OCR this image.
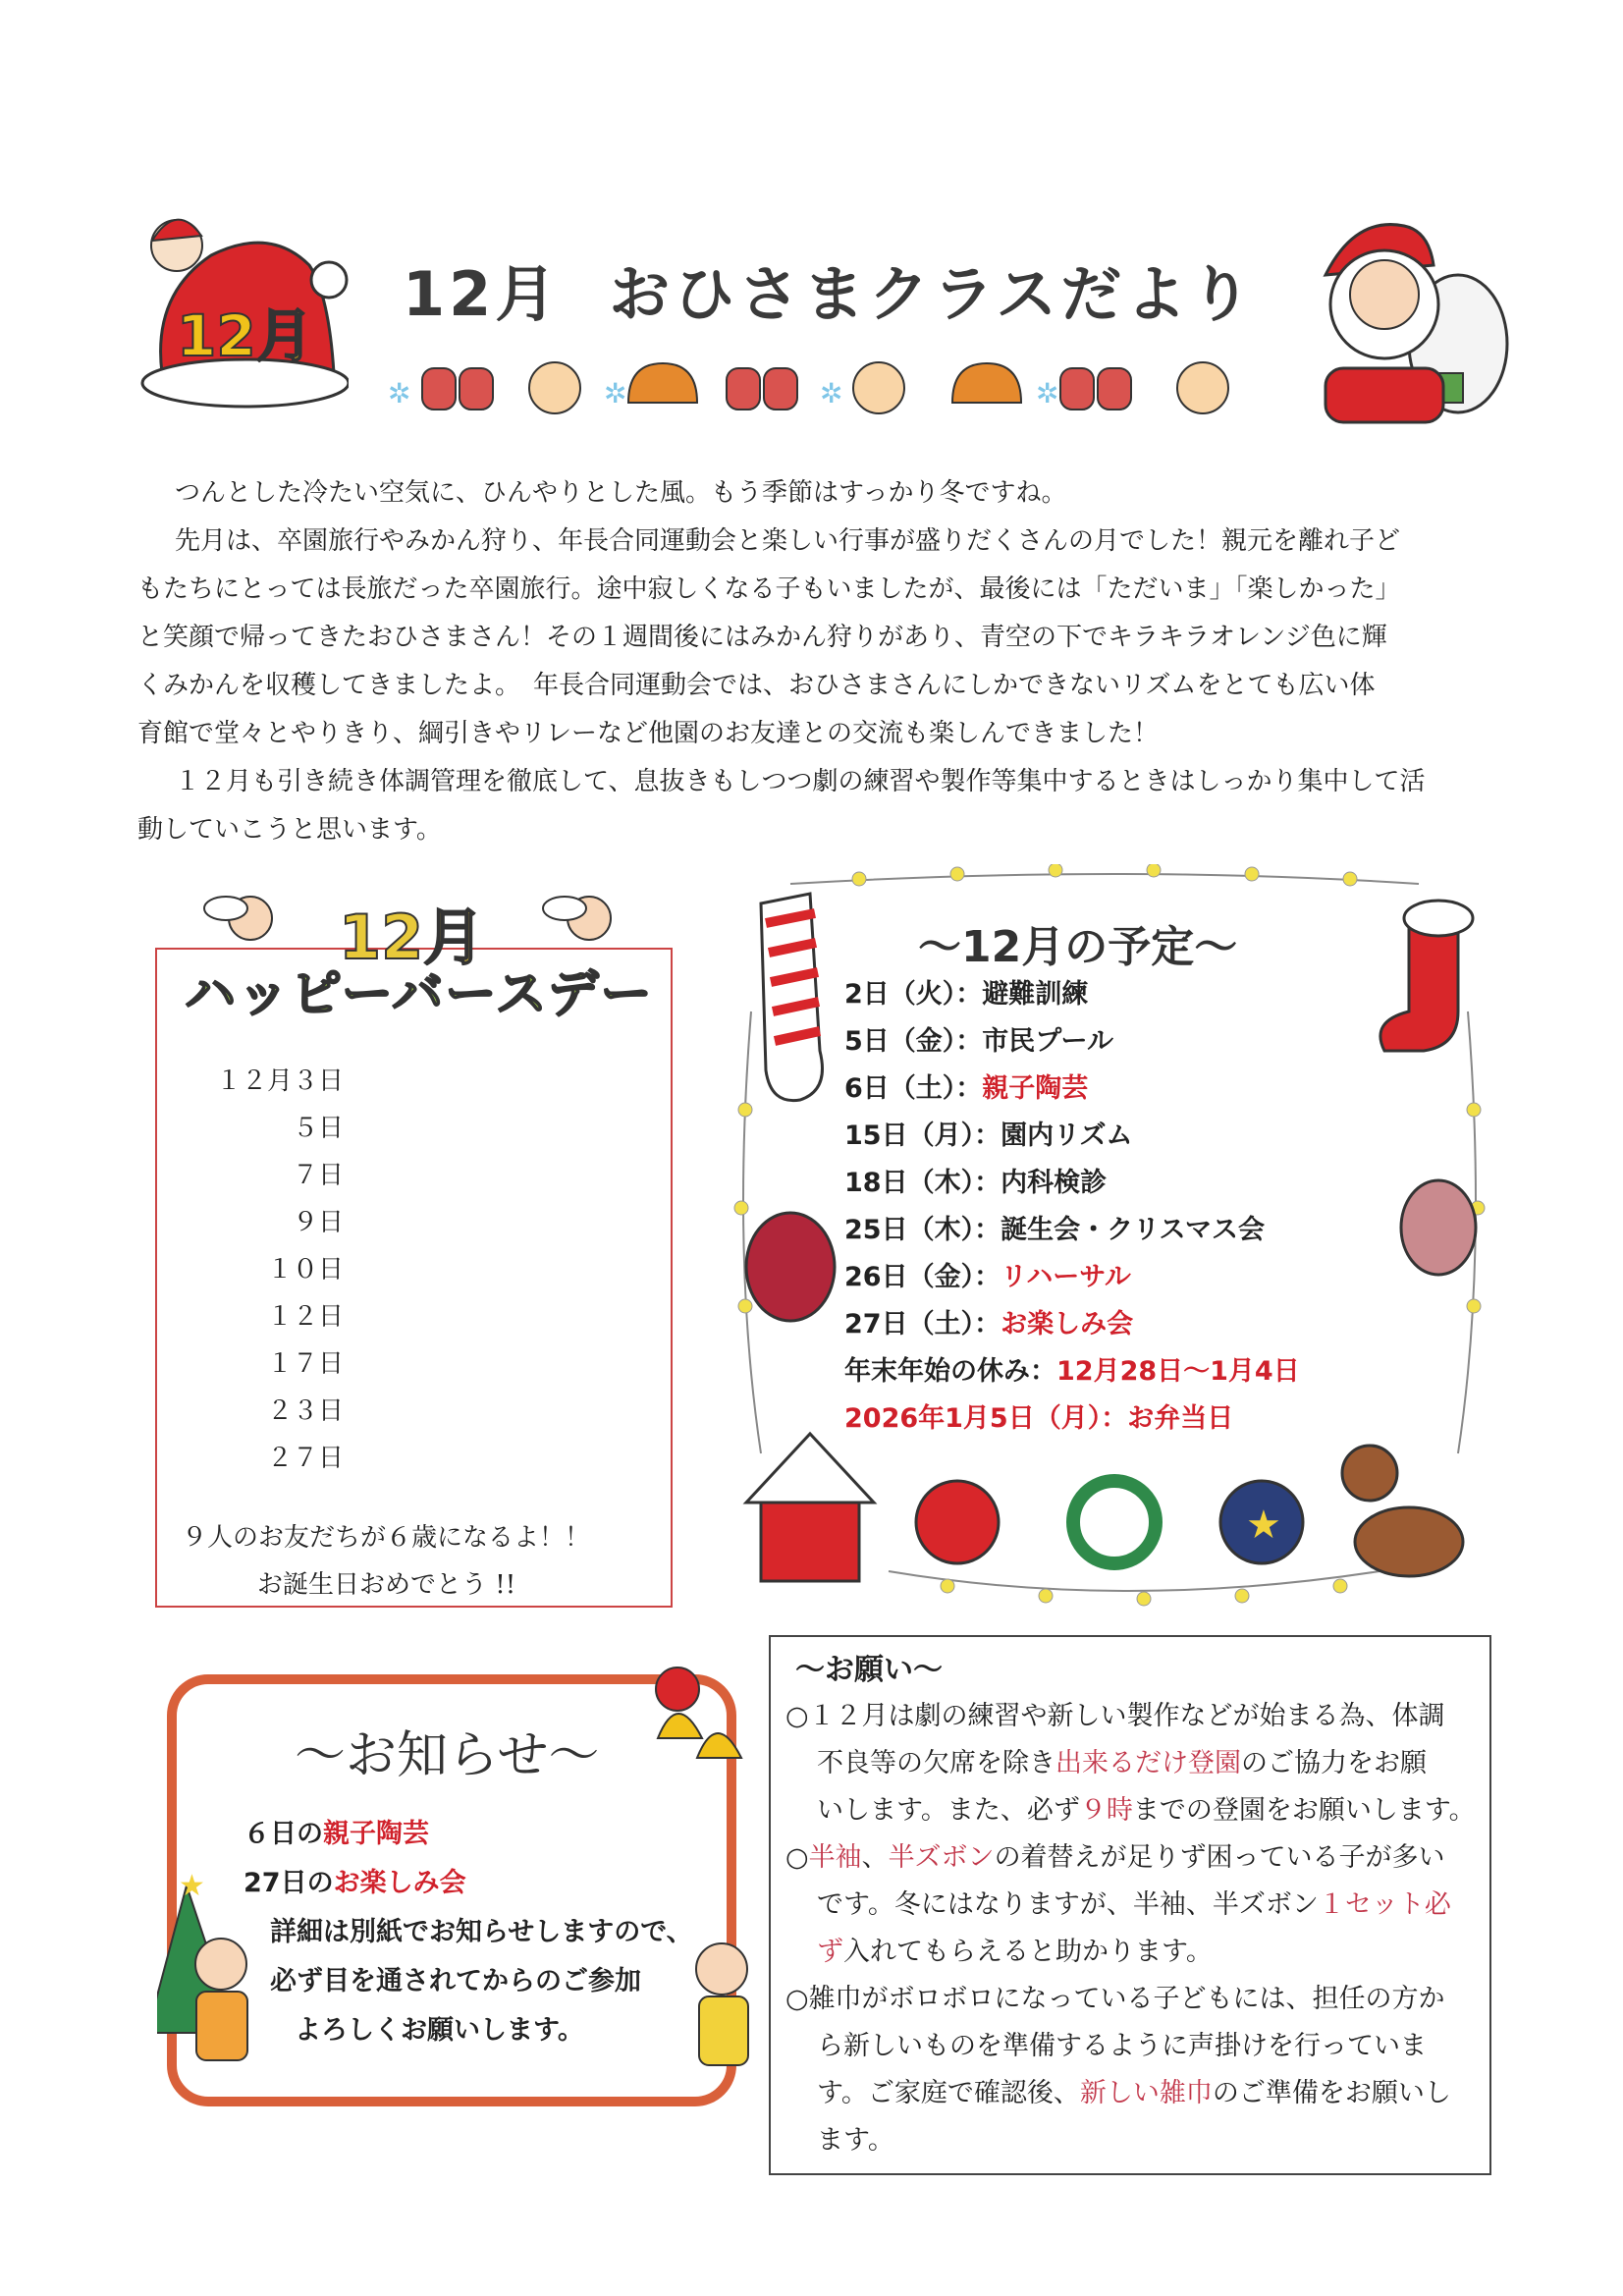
12月
12月 おひさまクラスだより
✲	✲	✲	✲

つんとした冷たい空気に、ひんやりとした風。もう季節はすっかり冬ですね。

先月は、卒園旅行やみかん狩り、年長合同運動会と楽しい行事が盛りだくさんの月でした！親元を離れ子ど

もたちにとっては長旅だった卒園旅行。途中寂しくなる子もいましたが、最後には「ただいま」「楽しかった」

と笑顔で帰ってきたおひさまさん！その１週間後にはみかん狩りがあり、青空の下でキラキラオレンジ色に輝

くみかんを収穫してきましたよ。　年長合同運動会では、おひさまさんにしかできないリズムをとても広い体

育館で堂々とやりきり、綱引きやリレーなど他園のお友達との交流も楽しんできました！

１２月も引き続き体調管理を徹底して、息抜きもしつつ劇の練習や製作等集中するときはしっかり集中して活

動していこうと思います。

12月
ハッピーバースデー
１２月３日
５日
７日
９日
１０日
１２日
１７日
２３日
２７日
９人のお友だちが６歳になるよ！！
お誕生日おめでとう !!
★
～12月の予定～
2日（火）：避難訓練
5日（金）：市民プール
6日（土）：親子陶芸
15日（月）：園内リズム
18日（木）：内科検診
25日（木）：誕生会・クリスマス会
26日（金）：リハーサル
27日（土）：お楽しみ会
年末年始の休み：12月28日～1月4日
2026年1月5日（月）：お弁当日
★
～お知らせ～
６日の親子陶芸
27日のお楽しみ会
詳細は別紙でお知らせしますので、
必ず目を通されてからのご参加
よろしくお願いします。
～お願い～
○１２月は劇の練習や新しい製作などが始まる為、体調
不良等の欠席を除き出来るだけ登園のご協力をお願
いします。また、必ず９時までの登園をお願いします。
○半袖、半ズボンの着替えが足りず困っている子が多い
です。冬にはなりますが、半袖、半ズボン１セット必
ず入れてもらえると助かります。
○雑巾がボロボロになっている子どもには、担任の方か
ら新しいものを準備するように声掛けを行っていま
す。ご家庭で確認後、新しい雑巾のご準備をお願いし
ます。
